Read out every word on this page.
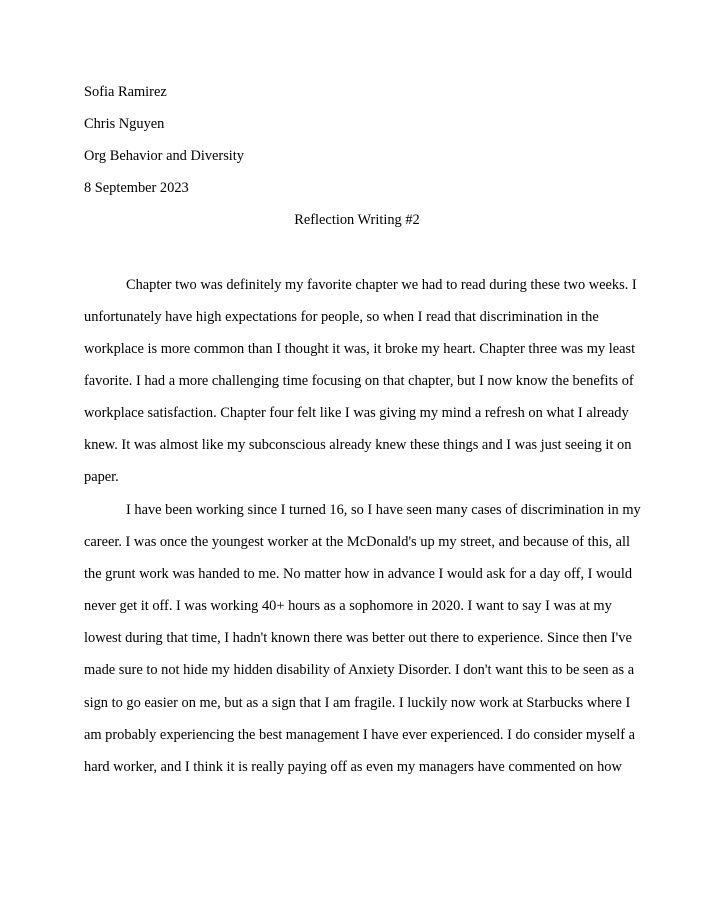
Sofia Ramirez
Chris Nguyen
Org Behavior and Diversity
8 September 2023
Reflection Writing #2
Chapter two was definitely my favorite chapter we had to read during these two weeks. I
unfortunately have high expectations for people, so when I read that discrimination in the
workplace is more common than I thought it was, it broke my heart. Chapter three was my least
favorite. I had a more challenging time focusing on that chapter, but I now know the benefits of
workplace satisfaction. Chapter four felt like I was giving my mind a refresh on what I already
knew. It was almost like my subconscious already knew these things and I was just seeing it on
paper.
I have been working since I turned 16, so I have seen many cases of discrimination in my
career. I was once the youngest worker at the McDonald's up my street, and because of this, all
the grunt work was handed to me. No matter how in advance I would ask for a day off, I would
never get it off. I was working 40+ hours as a sophomore in 2020. I want to say I was at my
lowest during that time, I hadn't known there was better out there to experience. Since then I've
made sure to not hide my hidden disability of Anxiety Disorder. I don't want this to be seen as a
sign to go easier on me, but as a sign that I am fragile. I luckily now work at Starbucks where I
am probably experiencing the best management I have ever experienced. I do consider myself a
hard worker, and I think it is really paying off as even my managers have commented on how
